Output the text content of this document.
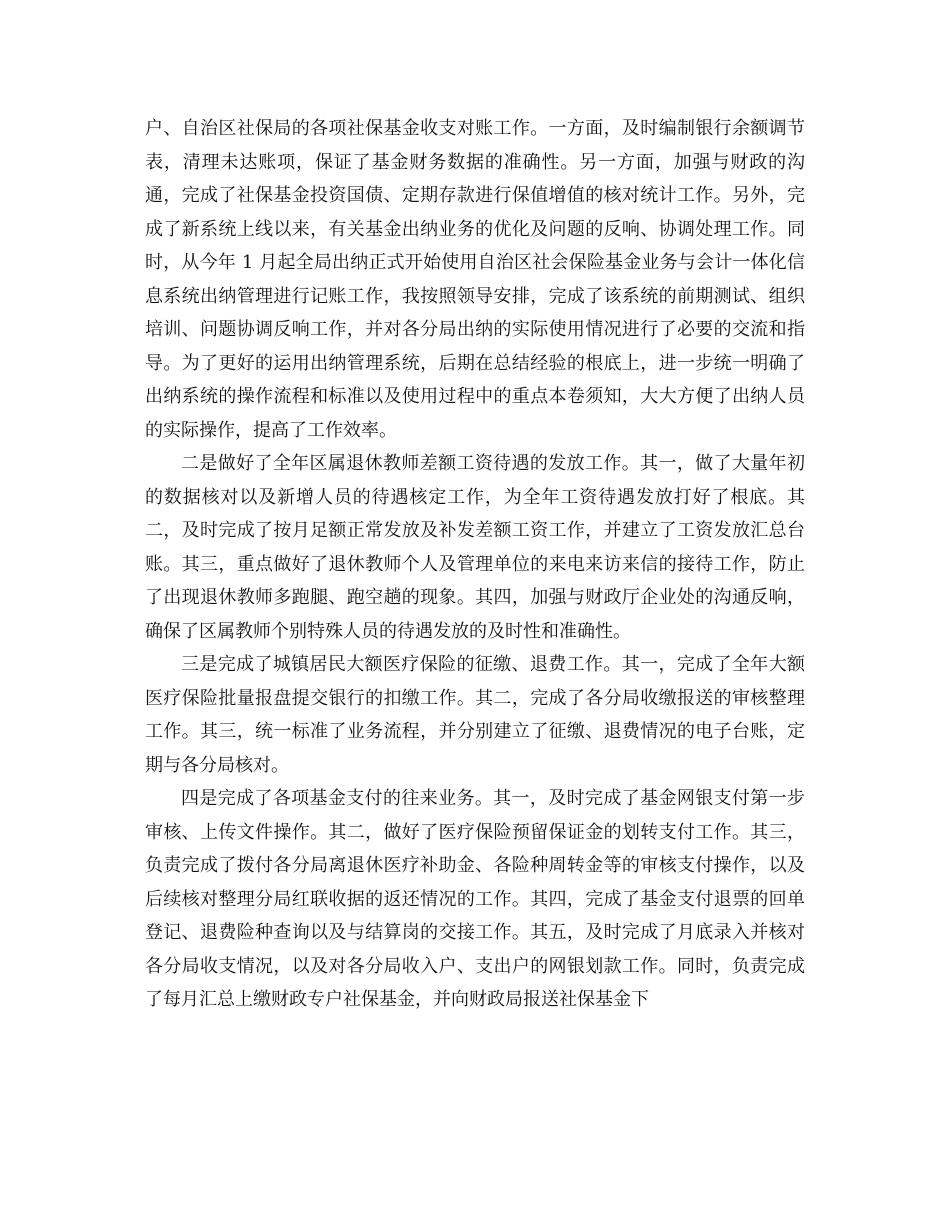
户、自治区社保局的各项社保基金收支对账工作。一方面，及时编制银行余额调节表，清理未达账项，保证了基金财务数据的准确性。另一方面，加强与财政的沟通，完成了社保基金投资国债、定期存款进行保值增值的核对统计工作。另外，完成了新系统上线以来，有关基金出纳业务的优化及问题的反响、协调处理工作。同时，从今年 1 月起全局出纳正式开始使用自治区社会保险基金业务与会计一体化信息系统出纳管理进行记账工作，我按照领导安排，完成了该系统的前期测试、组织培训、问题协调反响工作，并对各分局出纳的实际使用情况进行了必要的交流和指导。为了更好的运用出纳管理系统，后期在总结经验的根底上，进一步统一明确了出纳系统的操作流程和标准以及使用过程中的重点本卷须知，大大方便了出纳人员的实际操作，提高了工作效率。

二是做好了全年区属退休教师差额工资待遇的发放工作。其一，做了大量年初的数据核对以及新增人员的待遇核定工作，为全年工资待遇发放打好了根底。其二，及时完成了按月足额正常发放及补发差额工资工作，并建立了工资发放汇总台账。其三，重点做好了退休教师个人及管理单位的来电来访来信的接待工作，防止了出现退休教师多跑腿、跑空趟的现象。其四，加强与财政厅企业处的沟通反响，确保了区属教师个别特殊人员的待遇发放的及时性和准确性。

三是完成了城镇居民大额医疗保险的征缴、退费工作。其一，完成了全年大额医疗保险批量报盘提交银行的扣缴工作。其二，完成了各分局收缴报送的审核整理工作。其三，统一标准了业务流程，并分别建立了征缴、退费情况的电子台账，定期与各分局核对。

四是完成了各项基金支付的往来业务。其一，及时完成了基金网银支付第一步审核、上传文件操作。其二，做好了医疗保险预留保证金的划转支付工作。其三，负责完成了拨付各分局离退休医疗补助金、各险种周转金等的审核支付操作，以及后续核对整理分局红联收据的返还情况的工作。其四，完成了基金支付退票的回单登记、退费险种查询以及与结算岗的交接工作。其五，及时完成了月底录入并核对各分局收支情况，以及对各分局收入户、支出户的网银划款工作。同时，负责完成了每月汇总上缴财政专户社保基金，并向财政局报送社保基金下
